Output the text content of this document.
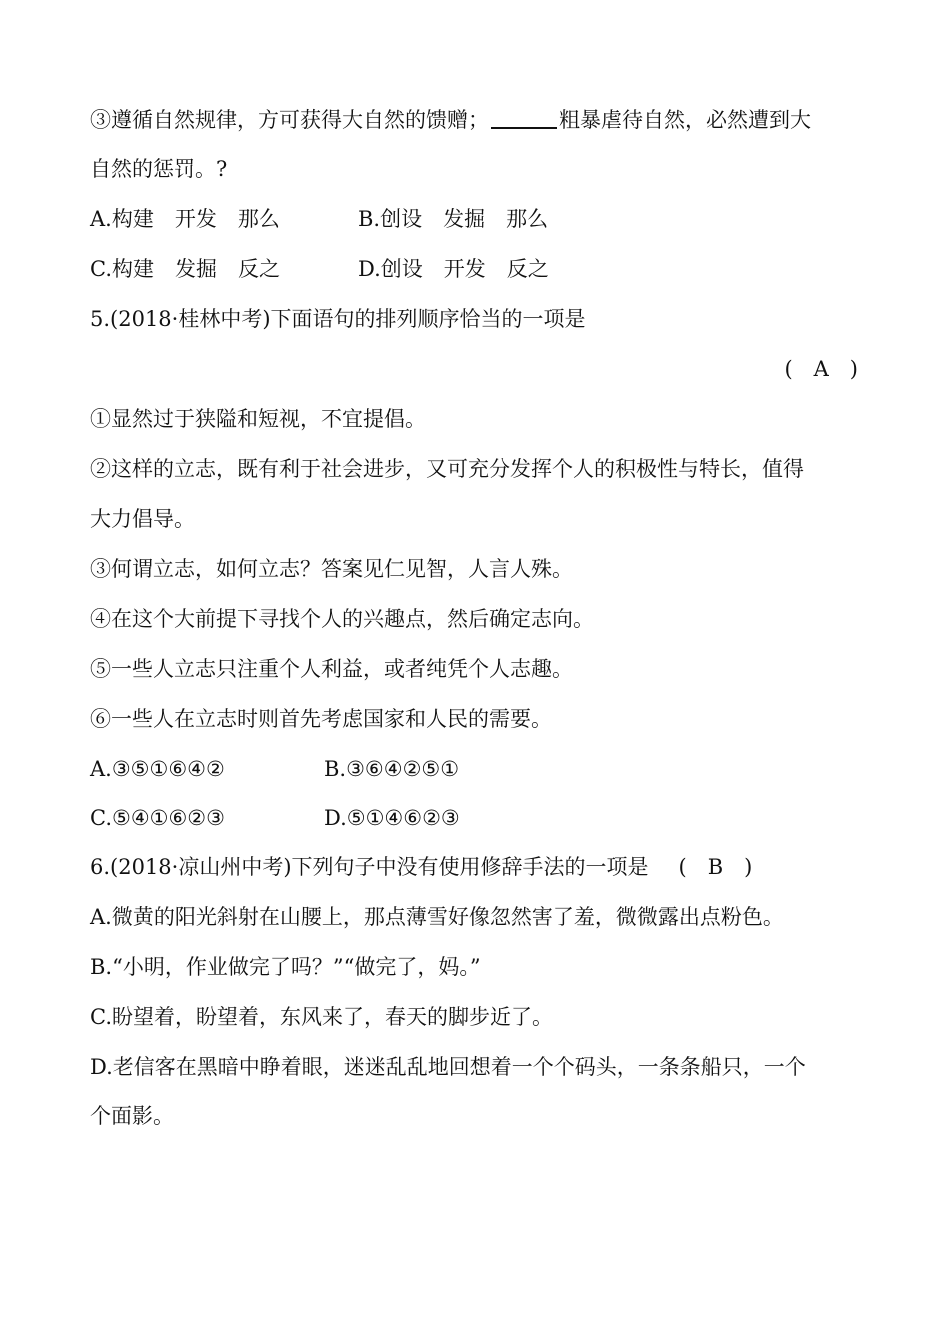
③遵循自然规律，方可获得大自然的馈赠；	粗暴虐待自然，必然遭到大
自然的惩罚。?
A.构建　开发　那么	B.创设　发掘　那么
C.构建　发掘　反之	D.创设　开发　反之
5.(2018·桂林中考)下面语句的排列顺序恰当的一项是
(　A　)
①显然过于狭隘和短视，不宜提倡。
②这样的立志，既有利于社会进步，又可充分发挥个人的积极性与特长，值得
大力倡导。
③何谓立志，如何立志？答案见仁见智，人言人殊。
④在这个大前提下寻找个人的兴趣点，然后确定志向。
⑤一些人立志只注重个人利益，或者纯凭个人志趣。
⑥一些人在立志时则首先考虑国家和人民的需要。
A.③⑤①⑥④②	B.③⑥④②⑤①
C.⑤④①⑥②③	D.⑤①④⑥②③
6.(2018·凉山州中考)下列句子中没有使用修辞手法的一项是 (　B　)
A.微黄的阳光斜射在山腰上，那点薄雪好像忽然害了羞，微微露出点粉色。
B.“小明，作业做完了吗？”“做完了，妈。”
C.盼望着，盼望着，东风来了，春天的脚步近了。
D.老信客在黑暗中睁着眼，迷迷乱乱地回想着一个个码头，一条条船只，一个
个面影。
